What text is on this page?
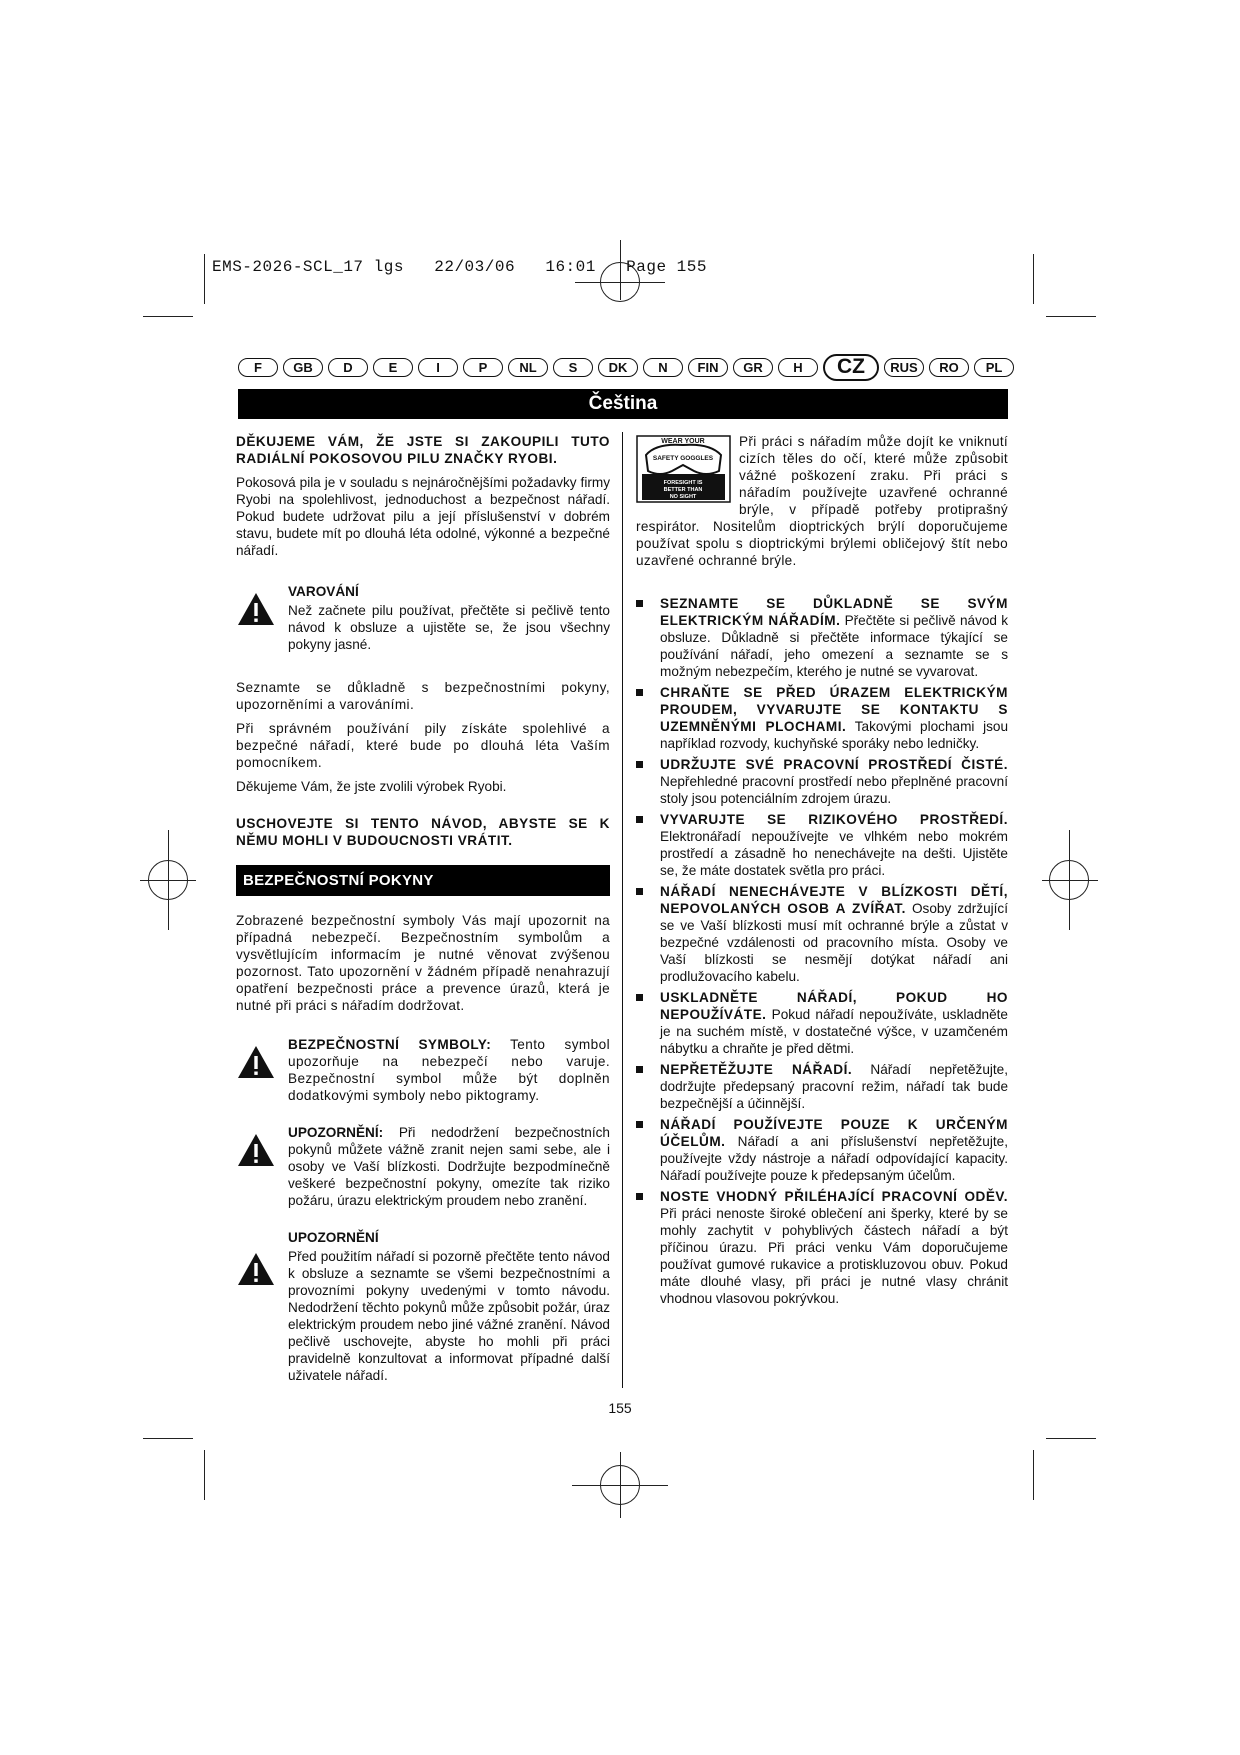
EMS-2026-SCL_17 lgs   22/03/06   16:01   Page 155
F	GB	D	E	I	P	NL	S	DK	N	FIN	GR	H	CZ	RUS	RO	PL
Čeština

DĚKUJEME VÁM, ŽE JSTE SI ZAKOUPILI TUTO RADIÁLNÍ POKOSOVOU PILU ZNAČKY RYOBI.

Pokosová pila je v souladu s nejnáročnějšími požadavky firmy Ryobi na spolehlivost, jednoduchost a bezpečnost nářadí. Pokud budete udržovat pilu a její příslušenství v dobrém stavu, budete mít po dlouhá léta odolné, výkonné a bezpečné nářadí.

VAROVÁNÍ
Než začnete pilu používat, přečtěte si pečlivě tento návod k obsluze a ujistěte se, že jsou všechny pokyny jasné.

Seznamte se důkladně s bezpečnostními pokyny, upozorněními a varováními.

Při správném používání pily získáte spolehlivé a bezpečné nářadí, které bude po dlouhá léta Vaším pomocníkem.

Děkujeme Vám, že jste zvolili výrobek Ryobi.

USCHOVEJTE SI TENTO NÁVOD, ABYSTE SE K NĚMU MOHLI V BUDOUCNOSTI VRÁTIT.

BEZPEČNOSTNÍ POKYNY

Zobrazené bezpečnostní symboly Vás mají upozornit na případná nebezpečí. Bezpečnostním symbolům a vysvětlujícím informacím je nutné věnovat zvýšenou pozornost. Tato upozornění v žádném případě nenahrazují opatření bezpečnosti práce a prevence úrazů, která je nutné při práci s nářadím dodržovat.

BEZPEČNOSTNÍ SYMBOLY: Tento symbol upozorňuje na nebezpečí nebo varuje. Bezpečnostní symbol může být doplněn dodatkovými symboly nebo piktogramy.
UPOZORNĚNÍ: Při nedodržení bezpečnostních pokynů můžete vážně zranit nejen sami sebe, ale i osoby ve Vaší blízkosti. Dodržujte bezpodmínečně veškeré bezpečnostní pokyny, omezíte tak riziko požáru, úrazu elektrickým proudem nebo zranění.
UPOZORNĚNÍ
Před použitím nářadí si pozorně přečtěte tento návod k obsluze a seznamte se všemi bezpečnostními a provozními pokyny uvedenými v tomto návodu. Nedodržení těchto pokynů může způsobit požár, úraz elektrickým proudem nebo jiné vážné zranění. Návod pečlivě uschovejte, abyste ho mohli při práci pravidelně konzultovat a informovat případné další uživatele nářadí.
WEAR YOUR
SAFETY GOGGLES
FORESIGHT IS
BETTER THAN
NO SIGHT
Při práci s nářadím může dojít ke vniknutí cizích těles do očí, které může způsobit vážné poškození zraku. Při práci s nářadím používejte uzavřené ochranné brýle, v případě potřeby protiprašný respirátor. Nositelům dioptrických brýlí doporučujeme používat spolu s dioptrickými brýlemi obličejový štít nebo uzavřené ochranné brýle.
SEZNAMTE SE DŮKLADNĚ SE SVÝM ELEKTRICKÝM NÁŘADÍM. Přečtěte si pečlivě návod k obsluze. Důkladně si přečtěte informace týkající se používání nářadí, jeho omezení a seznamte se s možným nebezpečím, kterého je nutné se vyvarovat.
CHRAŇTE SE PŘED ÚRAZEM ELEKTRICKÝM PROUDEM, VYVARUJTE SE KONTAKTU S UZEMNĚNÝMI PLOCHAMI. Takovými plochami jsou například rozvody, kuchyňské sporáky nebo ledničky.
UDRŽUJTE SVÉ PRACOVNÍ PROSTŘEDÍ ČISTÉ. Nepřehledné pracovní prostředí nebo přeplněné pracovní stoly jsou potenciálním zdrojem úrazu.
VYVARUJTE SE RIZIKOVÉHO PROSTŘEDÍ. Elektronářadí nepoužívejte ve vlhkém nebo mokrém prostředí a zásadně ho nenechávejte na dešti. Ujistěte se, že máte dostatek světla pro práci.
NÁŘADÍ NENECHÁVEJTE V BLÍZKOSTI DĚTÍ, NEPOVOLANÝCH OSOB A ZVÍŘAT. Osoby zdržující se ve Vaší blízkosti musí mít ochranné brýle a zůstat v bezpečné vzdálenosti od pracovního místa. Osoby ve Vaší blízkosti se nesmějí dotýkat nářadí ani prodlužovacího kabelu.
USKLADNĚTE NÁŘADÍ, POKUD HO NEPOUŽÍVÁTE. Pokud nářadí nepoužíváte, uskladněte je na suchém místě, v dostatečné výšce, v uzamčeném nábytku a chraňte je před dětmi.
NEPŘETĚŽUJTE NÁŘADÍ. Nářadí nepřetěžujte, dodržujte předepsaný pracovní režim, nářadí tak bude bezpečnější a účinnější.
NÁŘADÍ POUŽÍVEJTE POUZE K URČENÝM ÚČELŮM. Nářadí a ani příslušenství nepřetěžujte, používejte vždy nástroje a nářadí odpovídající kapacity. Nářadí používejte pouze k předepsaným účelům.
NOSTE VHODNÝ PŘILÉHAJÍCÍ PRACOVNÍ ODĚV. Při práci nenoste široké oblečení ani šperky, které by se mohly zachytit v pohyblivých částech nářadí a být příčinou úrazu. Při práci venku Vám doporučujeme používat gumové rukavice a protiskluzovou obuv. Pokud máte dlouhé vlasy, při práci je nutné vlasy chránit vhodnou vlasovou pokrývkou.
155
